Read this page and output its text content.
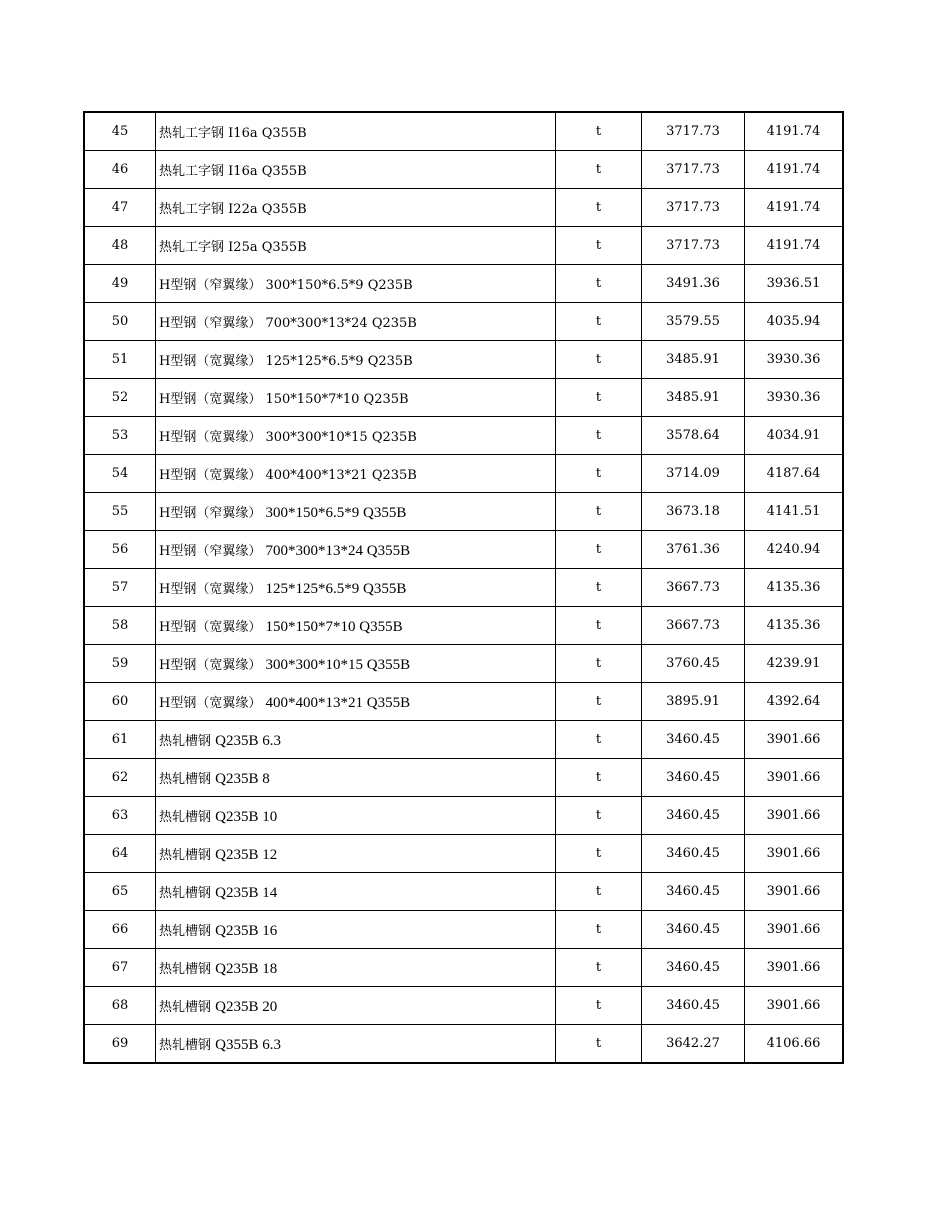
45	热轧工字钢 I16a Q355B	t	3717.73	4191.74
46	热轧工字钢 I16a Q355B	t	3717.73	4191.74
47	热轧工字钢 I22a Q355B	t	3717.73	4191.74
48	热轧工字钢 I25a Q355B	t	3717.73	4191.74
49	H型钢（窄翼缘） 300*150*6.5*9 Q235B	t	3491.36	3936.51
50	H型钢（窄翼缘） 700*300*13*24 Q235B	t	3579.55	4035.94
51	H型钢（宽翼缘） 125*125*6.5*9 Q235B	t	3485.91	3930.36
52	H型钢（宽翼缘） 150*150*7*10 Q235B	t	3485.91	3930.36
53	H型钢（宽翼缘） 300*300*10*15 Q235B	t	3578.64	4034.91
54	H型钢（宽翼缘） 400*400*13*21 Q235B	t	3714.09	4187.64
55	H型钢（窄翼缘） 300*150*6.5*9 Q355B	t	3673.18	4141.51
56	H型钢（窄翼缘） 700*300*13*24 Q355B	t	3761.36	4240.94
57	H型钢（宽翼缘） 125*125*6.5*9 Q355B	t	3667.73	4135.36
58	H型钢（宽翼缘） 150*150*7*10 Q355B	t	3667.73	4135.36
59	H型钢（宽翼缘） 300*300*10*15 Q355B	t	3760.45	4239.91
60	H型钢（宽翼缘） 400*400*13*21 Q355B	t	3895.91	4392.64
61	热轧槽钢 Q235B 6.3	t	3460.45	3901.66
62	热轧槽钢 Q235B 8	t	3460.45	3901.66
63	热轧槽钢 Q235B 10	t	3460.45	3901.66
64	热轧槽钢 Q235B 12	t	3460.45	3901.66
65	热轧槽钢 Q235B 14	t	3460.45	3901.66
66	热轧槽钢 Q235B 16	t	3460.45	3901.66
67	热轧槽钢 Q235B 18	t	3460.45	3901.66
68	热轧槽钢 Q235B 20	t	3460.45	3901.66
69	热轧槽钢 Q355B 6.3	t	3642.27	4106.66
